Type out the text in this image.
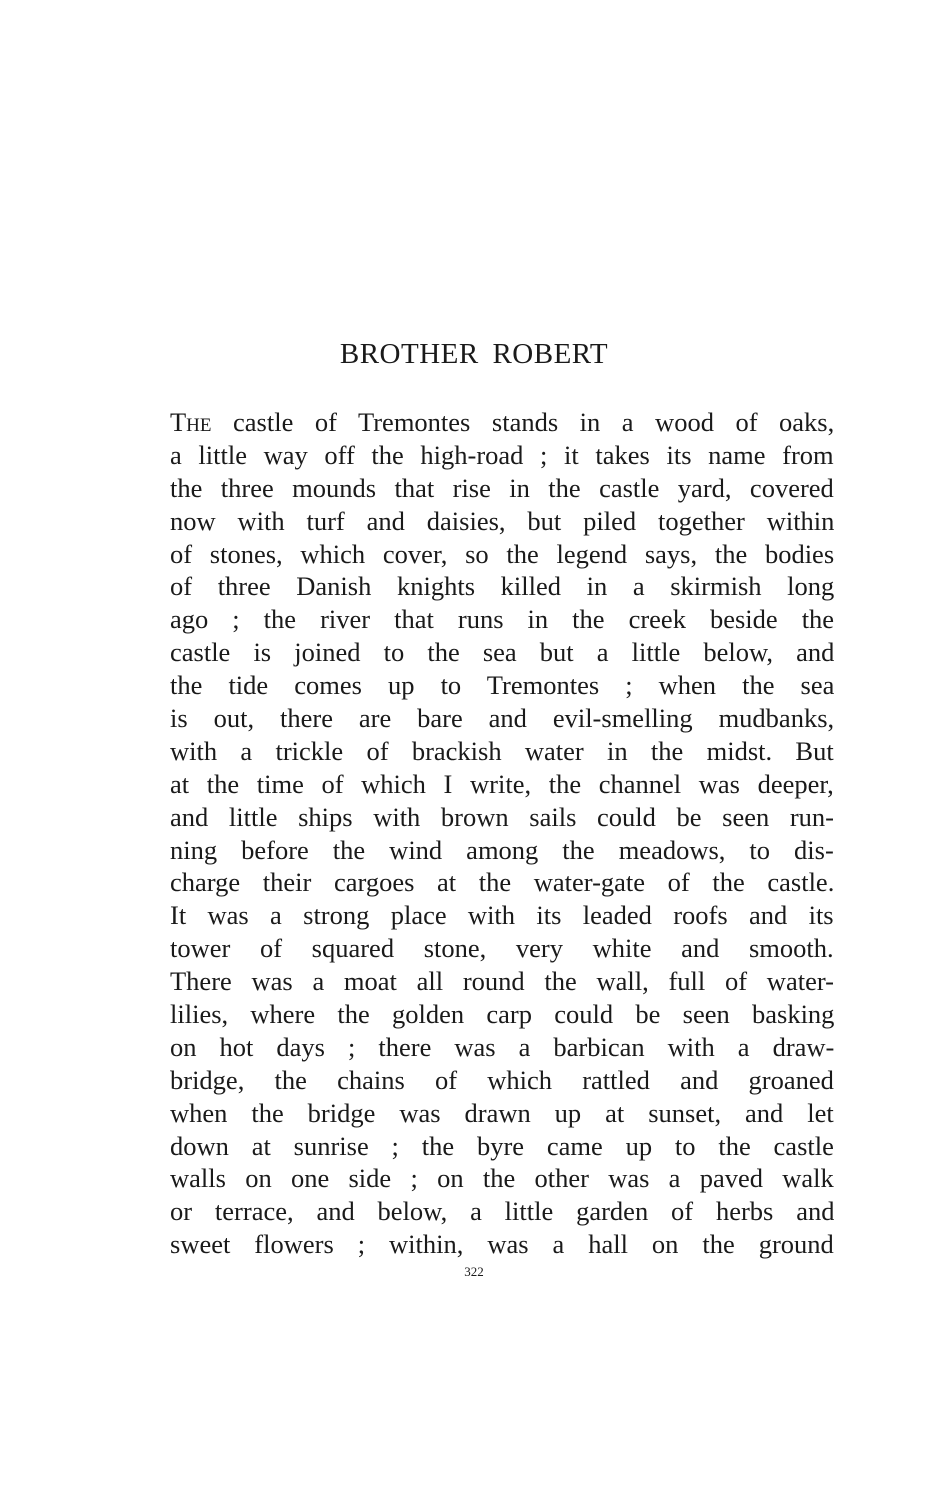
BROTHER ROBERT
The castle of Tremontes stands in a wood of oaks,
a little way off the high-road ; it takes its name from
the three mounds that rise in the castle yard, covered
now with turf and daisies, but piled together within
of stones, which cover, so the legend says, the bodies
of three Danish knights killed in a skirmish long
ago ; the river that runs in the creek beside the
castle is joined to the sea but a little below, and
the tide comes up to Tremontes ; when the sea
is out, there are bare and evil-smelling mudbanks,
with a trickle of brackish water in the midst. But
at the time of which I write, the channel was deeper,
and little ships with brown sails could be seen run-
ning before the wind among the meadows, to dis-
charge their cargoes at the water-gate of the castle.
It was a strong place with its leaded roofs and its
tower of squared stone, very white and smooth.
There was a moat all round the wall, full of water-
lilies, where the golden carp could be seen basking
on hot days ; there was a barbican with a draw-
bridge, the chains of which rattled and groaned
when the bridge was drawn up at sunset, and let
down at sunrise ; the byre came up to the castle
walls on one side ; on the other was a paved walk
or terrace, and below, a little garden of herbs and
sweet flowers ; within, was a hall on the ground
322
